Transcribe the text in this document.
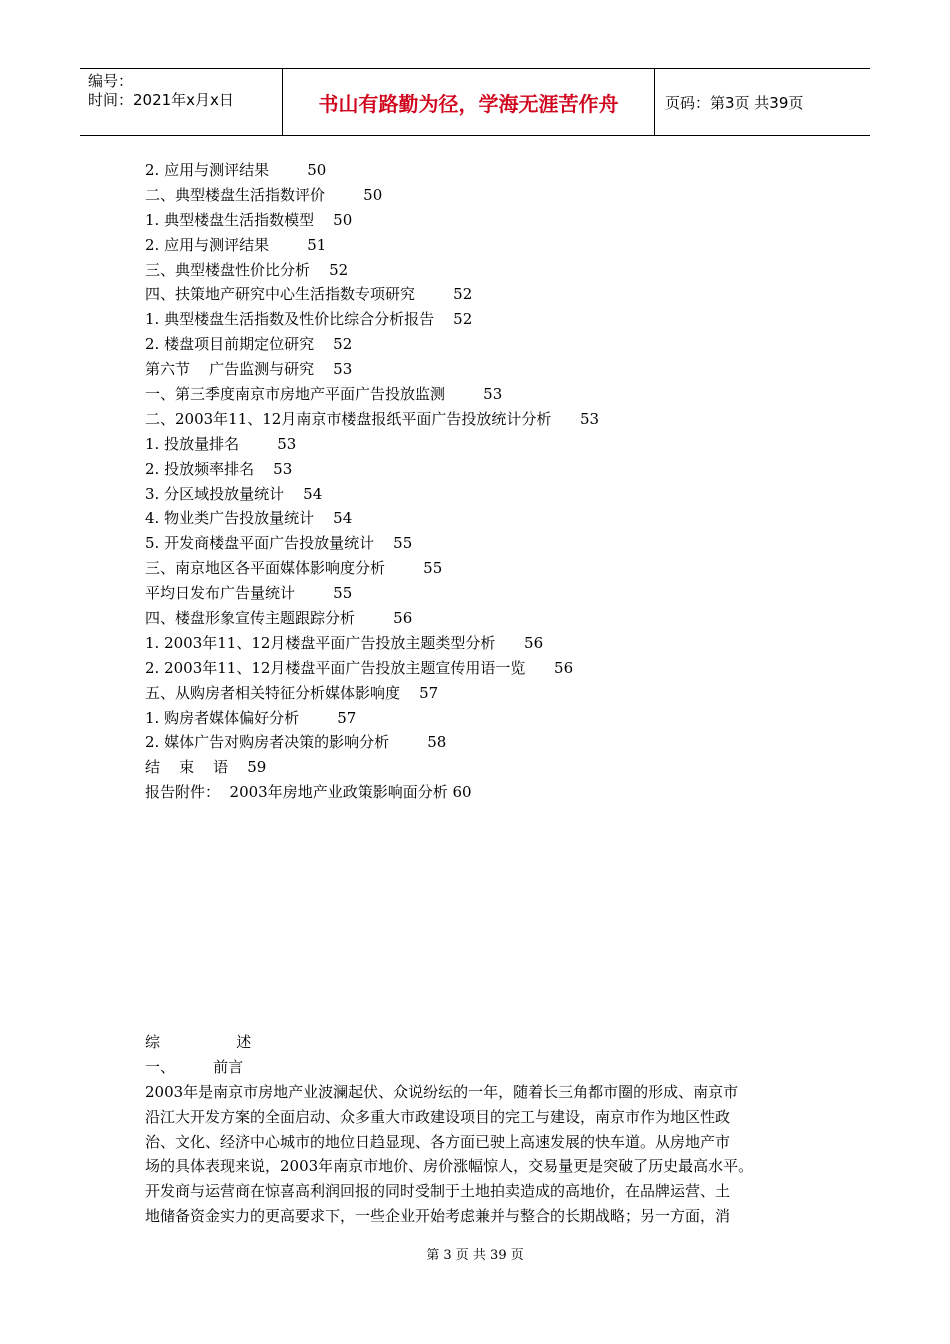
编号：
时间：2021年x月x日	书山有路勤为径，学海无涯苦作舟	页码：第3页 共39页
2. 应用与测评结果        50
二、典型楼盘生活指数评价        50
1. 典型楼盘生活指数模型    50
2. 应用与测评结果        51
三、典型楼盘性价比分析    52
四、扶策地产研究中心生活指数专项研究        52
1. 典型楼盘生活指数及性价比综合分析报告    52
2. 楼盘项目前期定位研究    52
第六节    广告监测与研究    53
一、第三季度南京市房地产平面广告投放监测        53
二、2003年11、12月南京市楼盘报纸平面广告投放统计分析      53
1. 投放量排名        53
2. 投放频率排名    53
3. 分区域投放量统计    54
4. 物业类广告投放量统计    54
5. 开发商楼盘平面广告投放量统计    55
三、南京地区各平面媒体影响度分析        55
平均日发布广告量统计        55
四、楼盘形象宣传主题跟踪分析        56
1. 2003年11、12月楼盘平面广告投放主题类型分析      56
2. 2003年11、12月楼盘平面广告投放主题宣传用语一览      56
五、从购房者相关特征分析媒体影响度    57
1. 购房者媒体偏好分析        57
2. 媒体广告对购房者决策的影响分析        58
结    束    语    59
报告附件：  2003年房地产业政策影响面分析 60
综                述
一、        前言
2003年是南京市房地产业波澜起伏、众说纷纭的一年，随着长三角都市圈的形成、南京市
沿江大开发方案的全面启动、众多重大市政建设项目的完工与建设，南京市作为地区性政
治、文化、经济中心城市的地位日趋显现、各方面已驶上高速发展的快车道。从房地产市
场的具体表现来说，2003年南京市地价、房价涨幅惊人，交易量更是突破了历史最高水平。
开发商与运营商在惊喜高利润回报的同时受制于土地拍卖造成的高地价，在品牌运营、土
地储备资金实力的更高要求下，一些企业开始考虑兼并与整合的长期战略；另一方面，消
第 3 页 共 39 页
